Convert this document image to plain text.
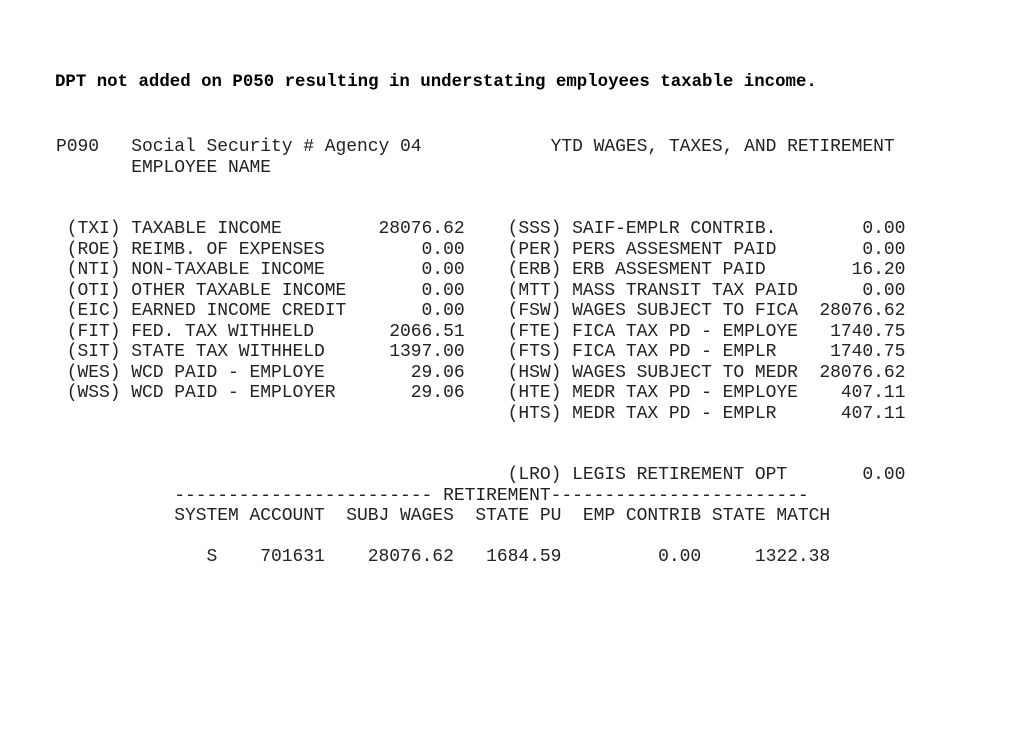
DPT not added on P050 resulting in understating employees taxable income.
P090   Social Security # Agency 04            YTD WAGES, TAXES, AND RETIREMENT
EMPLOYEE NAME
(TXI) TAXABLE INCOME         28076.62    (SSS) SAIF-EMPLR CONTRIB.        0.00
(ROE) REIMB. OF EXPENSES         0.00    (PER) PERS ASSESMENT PAID        0.00
(NTI) NON-TAXABLE INCOME         0.00    (ERB) ERB ASSESMENT PAID        16.20
(OTI) OTHER TAXABLE INCOME       0.00    (MTT) MASS TRANSIT TAX PAID      0.00
(EIC) EARNED INCOME CREDIT       0.00    (FSW) WAGES SUBJECT TO FICA  28076.62
(FIT) FED. TAX WITHHELD       2066.51    (FTE) FICA TAX PD - EMPLOYE   1740.75
(SIT) STATE TAX WITHHELD      1397.00    (FTS) FICA TAX PD - EMPLR     1740.75
(WES) WCD PAID - EMPLOYE        29.06    (HSW) WAGES SUBJECT TO MEDR  28076.62
(WSS) WCD PAID - EMPLOYER       29.06    (HTE) MEDR TAX PD - EMPLOYE    407.11
(HTS) MEDR TAX PD - EMPLR      407.11
(LRO) LEGIS RETIREMENT OPT       0.00
------------------------ RETIREMENT------------------------
SYSTEM ACCOUNT  SUBJ WAGES  STATE PU  EMP CONTRIB STATE MATCH
S    701631    28076.62   1684.59         0.00     1322.38
